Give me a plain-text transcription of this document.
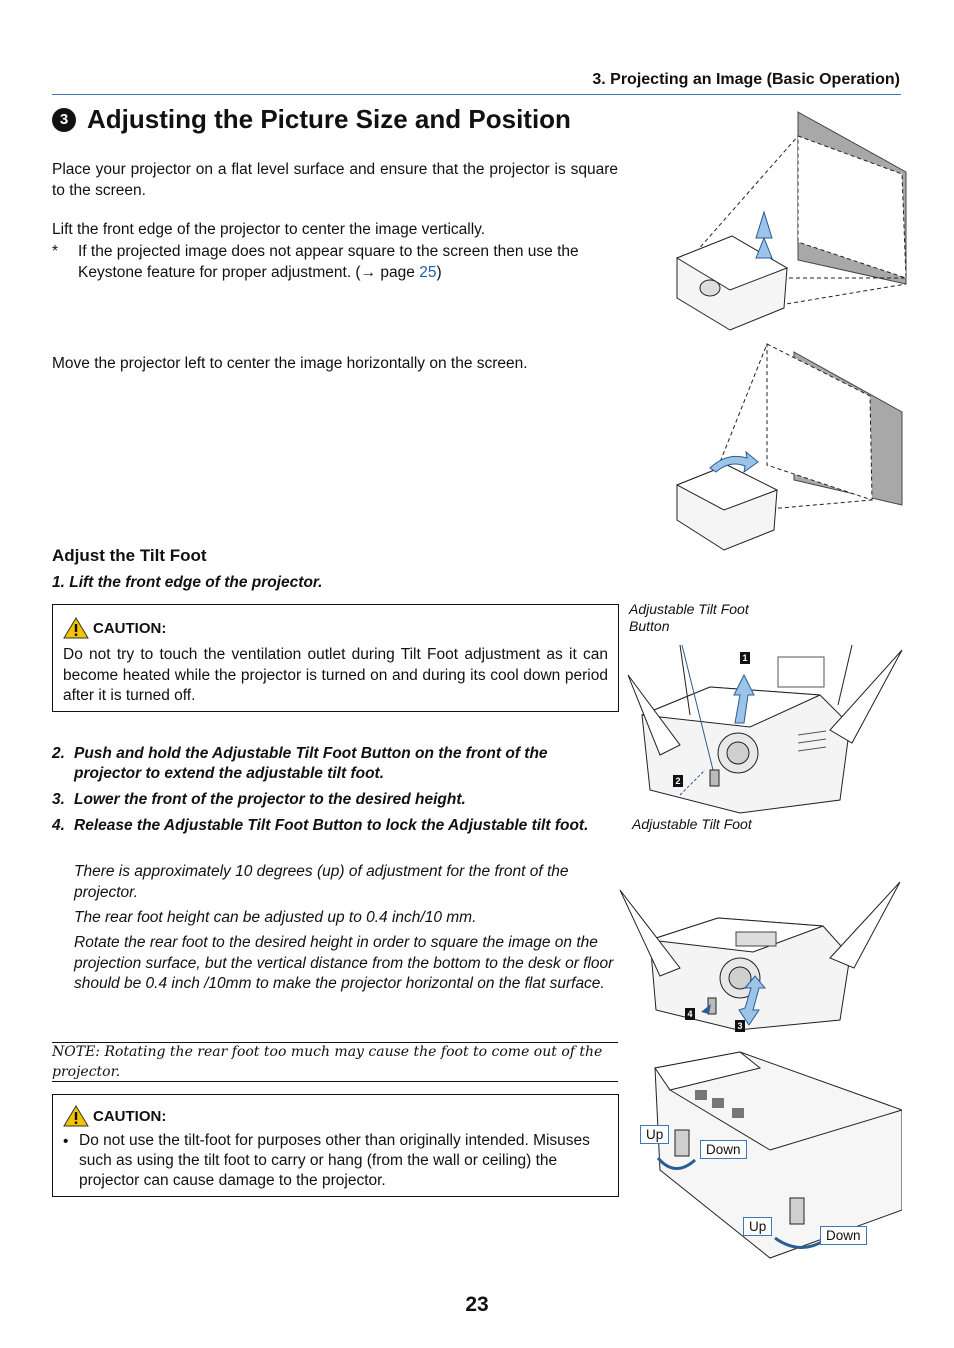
3. Projecting an Image (Basic Operation)
3 Adjusting the Picture Size and Position
Place your projector on a flat level surface and ensure that the projector is square to the screen.
Lift the front edge of the projector to center the image vertically.
* If the projected image does not appear square to the screen then use the Keystone feature for proper adjustment. (→ page 25)
Move the projector left to center the image horizontally on the screen.
Adjust the Tilt Foot
1. Lift the front edge of the projector.
CAUTION:
Do not try to touch the ventilation outlet during Tilt Foot adjustment as it can become heated while the projector is turned on and during its cool down period after it is turned off.
2. Push and hold the Adjustable Tilt Foot Button on the front of the projector to extend the adjustable tilt foot.
3. Lower the front of the projector to the desired height.
4. Release the Adjustable Tilt Foot Button to lock the Adjustable tilt foot.
There is approximately 10 degrees (up) of adjustment for the front of the projector.
The rear foot height can be adjusted up to 0.4 inch/10 mm.
Rotate the rear foot to the desired height in order to square the image on the projection surface, but the vertical distance from the bottom to the desk or floor should be 0.4 inch /10mm to make the projector horizontal on the flat surface.
NOTE: Rotating the rear foot too much may cause the foot to come out of the projector.
CAUTION:
• Do not use the tilt-foot for purposes other than originally intended. Misuses such as using the tilt foot to carry or hang (from the wall or ceiling) the projector can cause damage to the projector.
Adjustable Tilt Foot Button
1
2
Adjustable Tilt Foot
4
3
Up
Down
Up
Down
23
